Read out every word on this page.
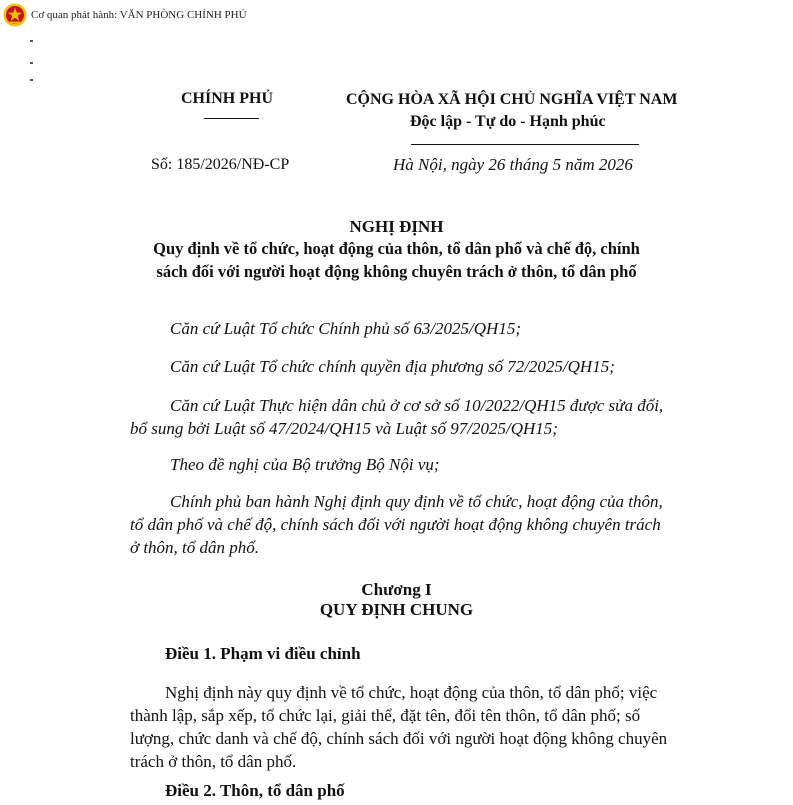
Cơ quan phát hành: VĂN PHÒNG CHÍNH PHỦ
CHÍNH PHỦ	CỘNG HÒA XÃ HỘI CHỦ NGHĨA VIỆT NAM
Độc lập - Tự do - Hạnh phúc
Số: 185/2026/NĐ-CP	Hà Nội, ngày 26 tháng 5 năm 2026
NGHỊ ĐỊNH
Quy định về tổ chức, hoạt động của thôn, tổ dân phố và chế độ, chính
sách đối với người hoạt động không chuyên trách ở thôn, tổ dân phố
Căn cứ Luật Tổ chức Chính phủ số 63/2025/QH15;
Căn cứ Luật Tổ chức chính quyền địa phương số 72/2025/QH15;
Căn cứ Luật Thực hiện dân chủ ở cơ sở số 10/2022/QH15 được sửa đổi,
bổ sung bởi Luật số 47/2024/QH15 và Luật số 97/2025/QH15;
Theo đề nghị của Bộ trưởng Bộ Nội vụ;
Chính phủ ban hành Nghị định quy định về tổ chức, hoạt động của thôn,
tổ dân phố và chế độ, chính sách đối với người hoạt động không chuyên trách
ở thôn, tổ dân phố.
Chương I
QUY ĐỊNH CHUNG
Điều 1. Phạm vi điều chỉnh
Nghị định này quy định về tổ chức, hoạt động của thôn, tổ dân phố; việc
thành lập, sắp xếp, tổ chức lại, giải thể, đặt tên, đổi tên thôn, tổ dân phố; số
lượng, chức danh và chế độ, chính sách đối với người hoạt động không chuyên
trách ở thôn, tổ dân phố.
Điều 2. Thôn, tổ dân phố
